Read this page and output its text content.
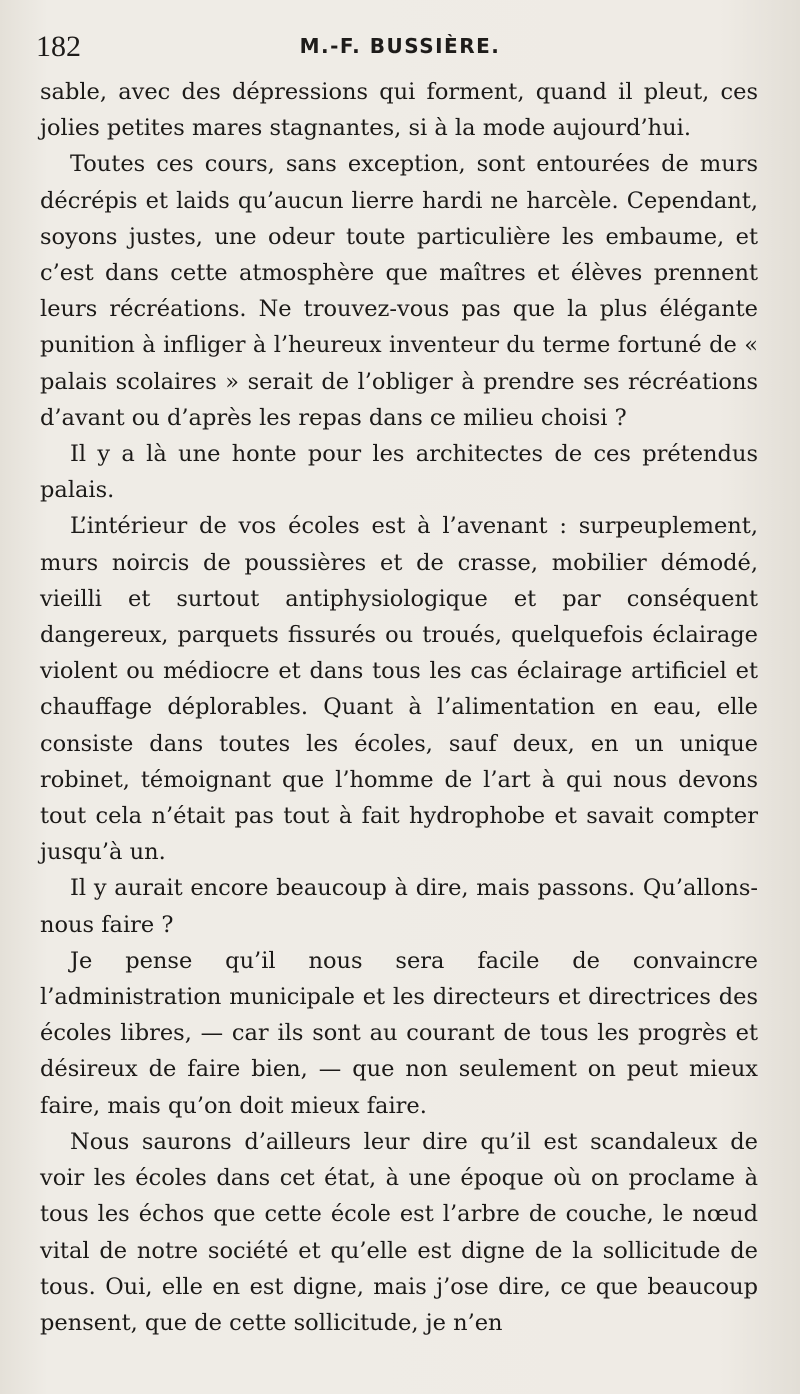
182	M.-F. BUSSIÈRE.

sable, avec des dépressions qui forment, quand il pleut, ces jolies petites mares stagnantes, si à la mode aujourd’hui.

Toutes ces cours, sans exception, sont entourées de murs décrépis et laids qu’aucun lierre hardi ne harcèle. Cependant, soyons justes, une odeur toute particulière les embaume, et c’est dans cette atmosphère que maîtres et élèves prennent leurs récréations. Ne trouvez-vous pas que la plus élégante punition à infliger à l’heureux inventeur du terme fortuné de « palais scolaires » serait de l’obliger à prendre ses récréations d’avant ou d’après les repas dans ce milieu choisi ?

Il y a là une honte pour les architectes de ces prétendus palais.

L’intérieur de vos écoles est à l’avenant : surpeuplement, murs noircis de poussières et de crasse, mobilier démodé, vieilli et surtout antiphysiologique et par conséquent dangereux, parquets fissurés ou troués, quelquefois éclairage violent ou médiocre et dans tous les cas éclairage artificiel et chauffage déplorables. Quant à l’alimentation en eau, elle consiste dans toutes les écoles, sauf deux, en un unique robinet, témoignant que l’homme de l’art à qui nous devons tout cela n’était pas tout à fait hydrophobe et savait compter jusqu’à un.

Il y aurait encore beaucoup à dire, mais passons. Qu’allons-nous faire ?

Je pense qu’il nous sera facile de convaincre l’administration municipale et les directeurs et directrices des écoles libres, — car ils sont au courant de tous les progrès et désireux de faire bien, — que non seulement on peut mieux faire, mais qu’on doit mieux faire.

Nous saurons d’ailleurs leur dire qu’il est scandaleux de voir les écoles dans cet état, à une époque où on proclame à tous les échos que cette école est l’arbre de couche, le nœud vital de notre société et qu’elle est digne de la sollicitude de tous. Oui, elle en est digne, mais j’ose dire, ce que beaucoup pensent, que de cette sollicitude, je n’en
